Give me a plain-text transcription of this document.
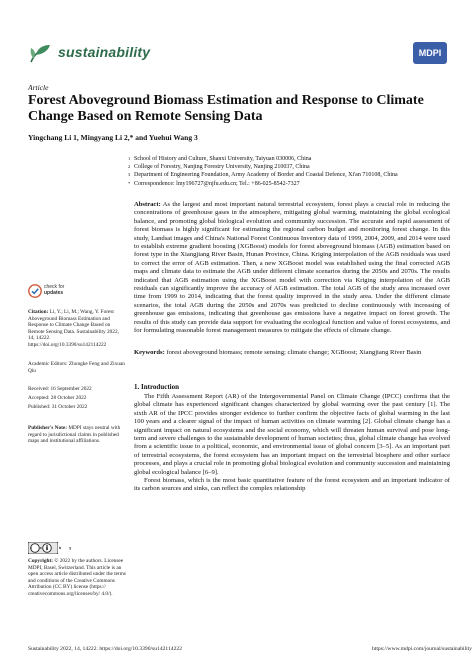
sustainability	MDPI
Article
Forest Aboveground Biomass Estimation and Response to Climate Change Based on Remote Sensing Data
Yingchang Li 1, Mingyang Li 2,* and Yuehui Wang 3
1 School of History and Culture, Shanxi University, Taiyuan 030006, China
2 College of Forestry, Nanjing Forestry University, Nanjing 210037, China
3 Department of Engineering Foundation, Army Academy of Border and Coastal Defence, Xi'an 710108, China
* Correspondence: lmy196727@njfu.edu.cn; Tel.: +86-025-8542-7327
Abstract: As the largest and most important natural terrestrial ecosystem, forest plays a crucial role in reducing the concentrations of greenhouse gases in the atmosphere, mitigating global warming, maintaining the global ecological balance, and promoting global biological evolution and community succession. The accurate and rapid assessment of forest biomass is highly significant for estimating the regional carbon budget and monitoring forest change. In this study, Landsat images and China's National Forest Continuous Inventory data of 1999, 2004, 2009, and 2014 were used to establish extreme gradient boosting (XGBoost) models for forest aboveground biomass (AGB) estimation based on forest type in the Xiangjiang River Basin, Hunan Province, China. Kriging interpolation of the AGB residuals was used to correct the error of AGB estimation. Then, a new XGBoost model was established using the final corrected AGB maps and climate data to estimate the AGB under different climate scenarios during the 2050s and 2070s. The results indicated that AGB estimation using the XGBoost model with correction via Kriging interpolation of the AGB residuals can significantly improve the accuracy of AGB estimation. The total AGB of the study area increased over time from 1999 to 2014, indicating that the forest quality improved in the study area. Under the different climate scenarios, the total AGB during the 2050s and 2070s was predicted to decline continuously with increasing of greenhouse gas emissions, indicating that greenhouse gas emissions have a negative impact on forest growth. The results of this study can provide data support for evaluating the ecological function and value of forest ecosystems, and for formulating reasonable forest management measures to mitigate the effects of climate change.
Keywords: forest aboveground biomass; remote sensing; climate change; XGBoost; Xiangjiang River Basin
1. Introduction

The Fifth Assessment Report (AR) of the Intergovernmental Panel on Climate Change (IPCC) confirms that the global climate has experienced significant changes characterized by global warming over the past century [1]. The sixth AR of the IPCC provides stronger evidence to further confirm the objective facts of global warming in the last 100 years and a clearer signal of the impact of human activities on climate warming [2]. Global climate change has a significant impact on natural ecosystems and the social economy, which will threaten human survival and pose long-term and severe challenges to the sustainable development of human societies; thus, global climate change has evolved from a scientific issue to a political, economic, and environmental issue of global concern [3–5]. As an important part of terrestrial ecosystems, the forest ecosystem has an important impact on the terrestrial biosphere and other surface processes, and plays a crucial role in promoting global biological evolution and community succession and maintaining global ecological balance [6–9].

Forest biomass, which is the most basic quantitative feature of the forest ecosystem and an important indicator of its carbon sources and sinks, can reflect the complex relationship

check for
updates
Citation: Li, Y.; Li, M.; Wang, Y. Forest Aboveground Biomass Estimation and Response to Climate Change Based on Remote Sensing Data. Sustainability 2022, 14, 14222. https://doi.org/10.3390/su142114222
Academic Editors: Zhongke Feng and Zixuan Qiu
Received: 16 September 2022
Accepted: 28 October 2022
Published: 31 October 2022
Publisher's Note: MDPI stays neutral with regard to jurisdictional claims in published maps and institutional affiliations.
cc by
Copyright: © 2022 by the authors. Licensee MDPI, Basel, Switzerland. This article is an open access article distributed under the terms and conditions of the Creative Commons Attribution (CC BY) license (https:// creativecommons.org/licenses/by/ 4.0/).
Sustainability 2022, 14, 14222. https://doi.org/10.3390/su142114222	https://www.mdpi.com/journal/sustainability
